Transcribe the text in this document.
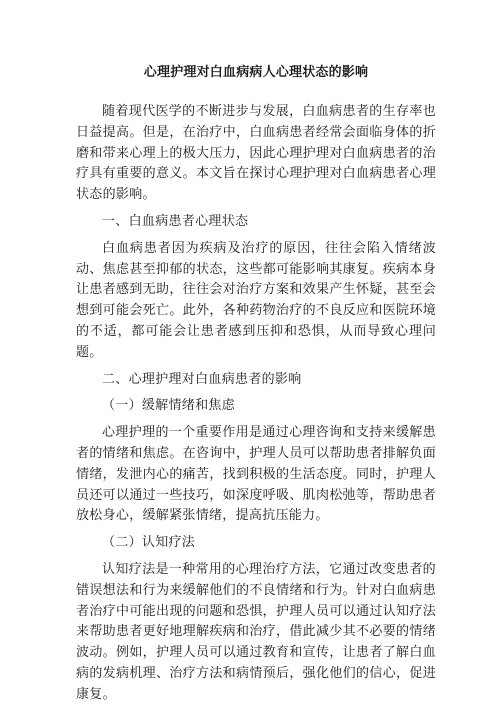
心理护理对白血病病人心理状态的影响

随着现代医学的不断进步与发展，白血病患者的生存率也日益提高。但是，在治疗中，白血病患者经常会面临身体的折磨和带来心理上的极大压力，因此心理护理对白血病患者的治疗具有重要的意义。本文旨在探讨心理护理对白血病患者心理状态的影响。

一、白血病患者心理状态

白血病患者因为疾病及治疗的原因，往往会陷入情绪波动、焦虑甚至抑郁的状态，这些都可能影响其康复。疾病本身让患者感到无助，往往会对治疗方案和效果产生怀疑，甚至会想到可能会死亡。此外，各种药物治疗的不良反应和医院环境的不适，都可能会让患者感到压抑和恐惧，从而导致心理问题。

二、心理护理对白血病患者的影响

（一）缓解情绪和焦虑

心理护理的一个重要作用是通过心理咨询和支持来缓解患者的情绪和焦虑。在咨询中，护理人员可以帮助患者排解负面情绪，发泄内心的痛苦，找到积极的生活态度。同时，护理人员还可以通过一些技巧，如深度呼吸、肌肉松弛等，帮助患者放松身心，缓解紧张情绪，提高抗压能力。

（二）认知疗法

认知疗法是一种常用的心理治疗方法，它通过改变患者的错误想法和行为来缓解他们的不良情绪和行为。针对白血病患者治疗中可能出现的问题和恐惧，护理人员可以通过认知疗法来帮助患者更好地理解疾病和治疗，借此减少其不必要的情绪波动。例如，护理人员可以通过教育和宣传，让患者了解白血病的发病机理、治疗方法和病情预后，强化他们的信心，促进康复。
